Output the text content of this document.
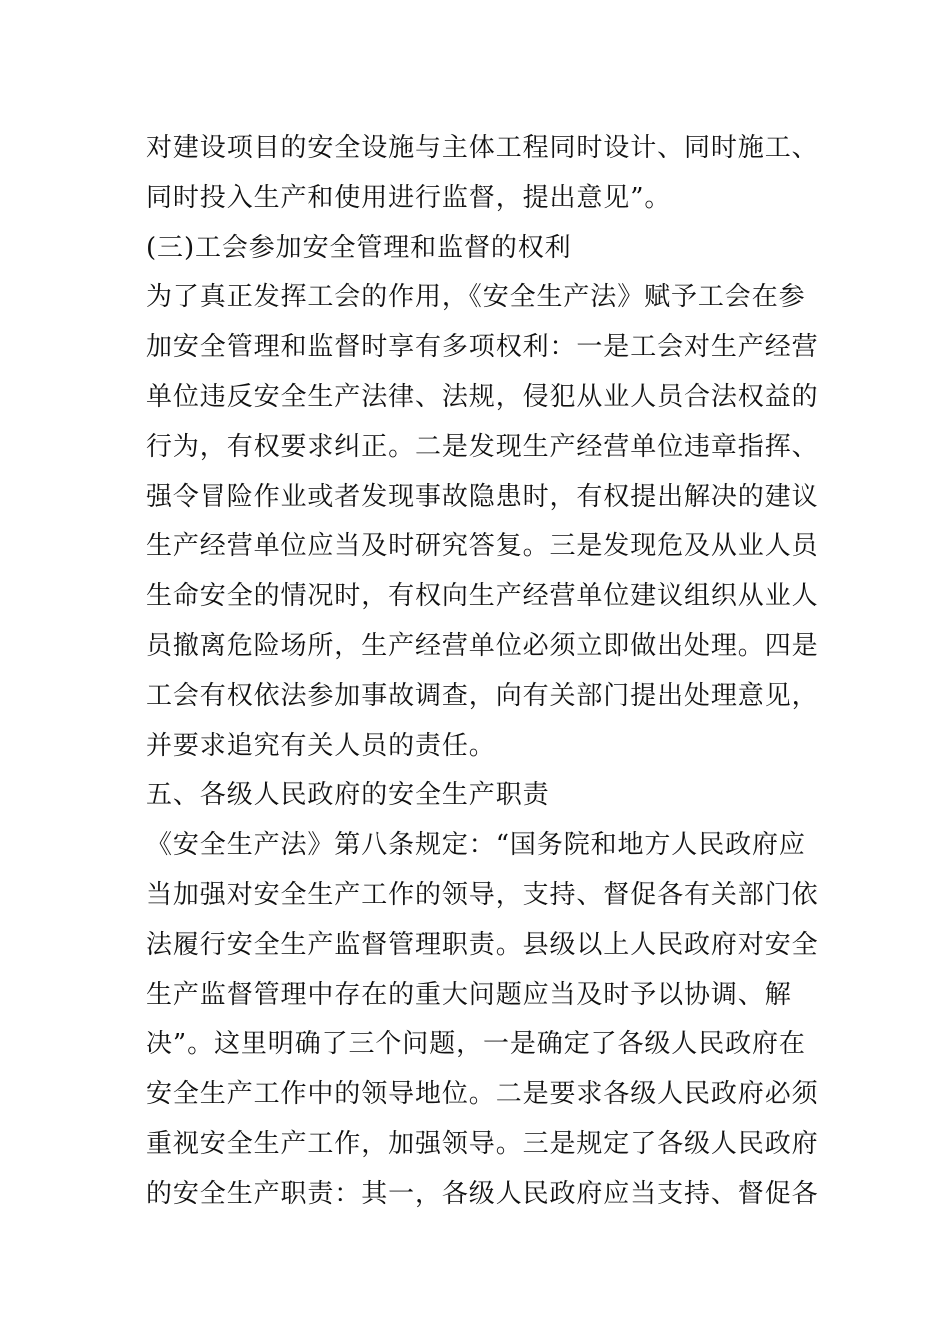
对建设项目的安全设施与主体工程同时设计、同时施工、
同时投入生产和使用进行监督，提出意见”。
(三)工会参加安全管理和监督的权利
为了真正发挥工会的作用，《安全生产法》赋予工会在参
加安全管理和监督时享有多项权利：一是工会对生产经营
单位违反安全生产法律、法规，侵犯从业人员合法权益的
行为，有权要求纠正。二是发现生产经营单位违章指挥、
强令冒险作业或者发现事故隐患时，有权提出解决的建议
生产经营单位应当及时研究答复。三是发现危及从业人员
生命安全的情况时，有权向生产经营单位建议组织从业人
员撤离危险场所，生产经营单位必须立即做出处理。四是
工会有权依法参加事故调查，向有关部门提出处理意见，
并要求追究有关人员的责任。
五、各级人民政府的安全生产职责
《安全生产法》第八条规定：“国务院和地方人民政府应
当加强对安全生产工作的领导，支持、督促各有关部门依
法履行安全生产监督管理职责。县级以上人民政府对安全
生产监督管理中存在的重大问题应当及时予以协调、解
决”。这里明确了三个问题，一是确定了各级人民政府在
安全生产工作中的领导地位。二是要求各级人民政府必须
重视安全生产工作，加强领导。三是规定了各级人民政府
的安全生产职责：其一，各级人民政府应当支持、督促各
